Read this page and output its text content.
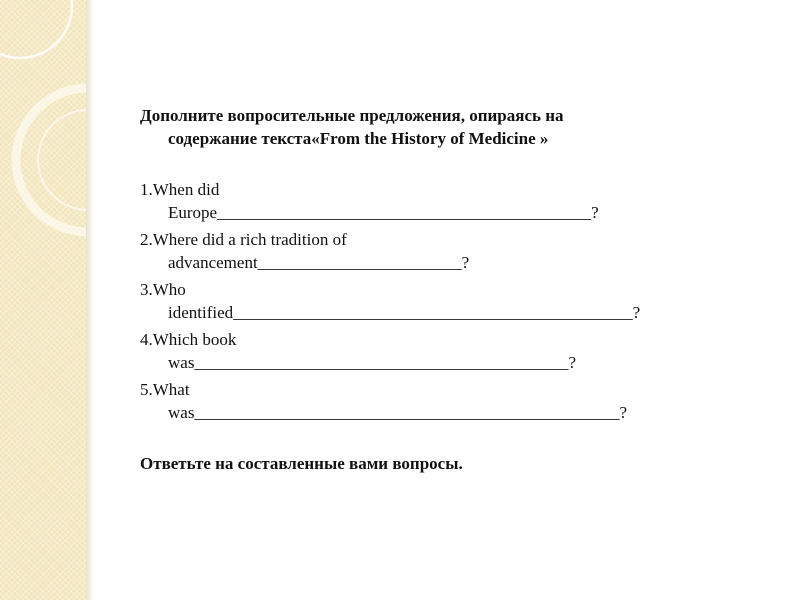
Дополните вопросительные предложения, опираясь на
содержание текста«From the History of Medicine »

1.When did
Europe____________________________________________?
2.Where did a rich tradition of
advancement________________________?
3.Who
identified_______________________________________________?
4.Which book
was____________________________________________?
5.What
was__________________________________________________?

Ответьте на составленные вами вопросы.
